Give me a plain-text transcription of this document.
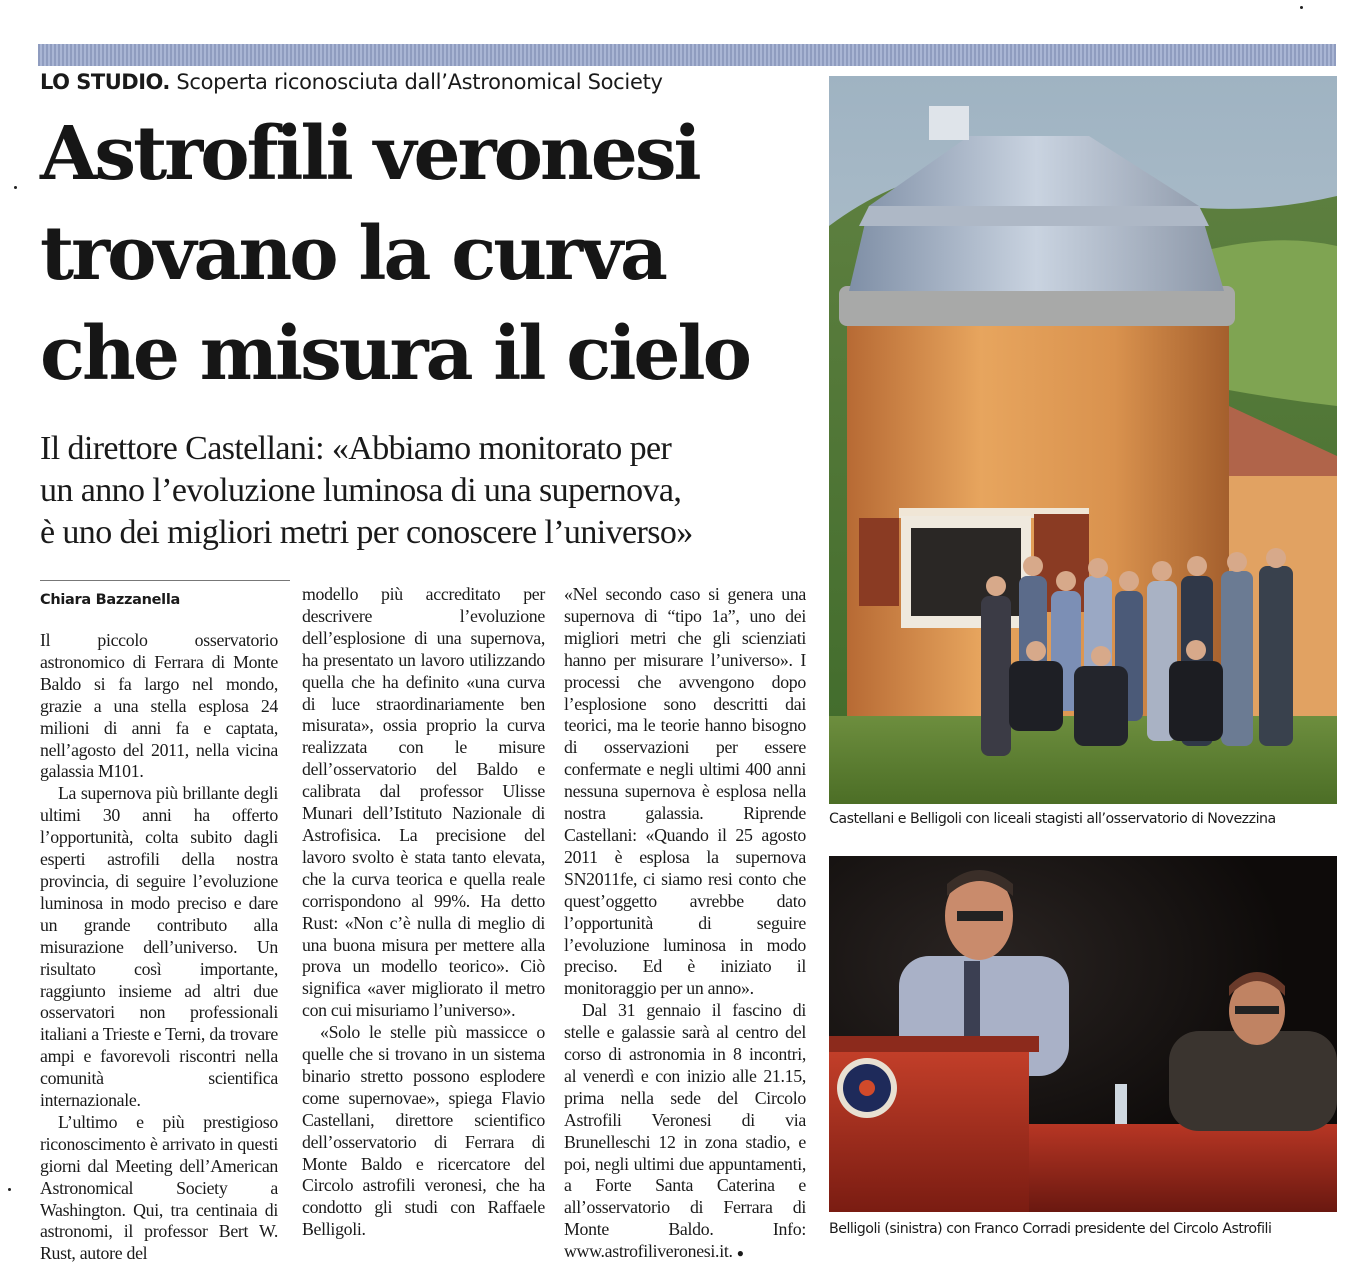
LO STUDIO. Scoperta riconosciuta dall’Astronomical Society
Astrofili veronesi
trovano la curva
che misura il cielo
Il direttore Castellani: «Abbiamo monitorato per
un anno l’evoluzione luminosa di una supernova,
è uno dei migliori metri per conoscere l’universo»
Chiara Bazzanella

Il piccolo osservatorio astronomico di Ferrara di Monte Baldo si fa largo nel mondo, grazie a una stella esplosa 24 milioni di anni fa e captata, nell’agosto del 2011, nella vicina galassia M101.

La supernova più brillante degli ultimi 30 anni ha offerto l’opportunità, colta subito dagli esperti astrofili della nostra provincia, di seguire l’evoluzione luminosa in modo preciso e dare un grande contributo alla misurazione dell’universo. Un risultato così importante, raggiunto insieme ad altri due osservatori non professionali italiani a Trieste e Terni, da trovare ampi e favorevoli riscontri nella comunità scientifica internazionale.

L’ultimo e più prestigioso riconoscimento è arrivato in questi giorni dal Meeting dell’American Astronomical Society a Washington. Qui, tra centinaia di astronomi, il professor Bert W. Rust, autore del

modello più accreditato per descrivere l’evoluzione dell’esplosione di una supernova, ha presentato un lavoro utilizzando quella che ha definito «una curva di luce straordinariamente ben misurata», ossia proprio la curva realizzata con le misure dell’osservatorio del Baldo e calibrata dal professor Ulisse Munari dell’Istituto Nazionale di Astrofisica. La precisione del lavoro svolto è stata tanto elevata, che la curva teorica e quella reale corrispondono al 99%. Ha detto Rust: «Non c’è nulla di meglio di una buona misura per mettere alla prova un modello teorico». Ciò significa «aver migliorato il metro con cui misuriamo l’universo».

«Solo le stelle più massicce o quelle che si trovano in un sistema binario stretto possono esplodere come supernovae», spiega Flavio Castellani, direttore scientifico dell’osservatorio di Ferrara di Monte Baldo e ricercatore del Circolo astrofili veronesi, che ha condotto gli studi con Raffaele Belligoli.

«Nel secondo caso si genera una supernova di “tipo 1a”, uno dei migliori metri che gli scienziati hanno per misurare l’universo». I processi che avvengono dopo l’esplosione sono descritti dai teorici, ma le teorie hanno bisogno di osservazioni per essere confermate e negli ultimi 400 anni nessuna supernova è esplosa nella nostra galassia. Riprende Castellani: «Quando il 25 agosto 2011 è esplosa la supernova SN2011fe, ci siamo resi conto che quest’oggetto avrebbe dato l’opportunità di seguire l’evoluzione luminosa in modo preciso. Ed è iniziato il monitoraggio per un anno».

Dal 31 gennaio il fascino di stelle e galassie sarà al centro del corso di astronomia in 8 incontri, al venerdì e con inizio alle 21.15, prima nella sede del Circolo Astrofili Veronesi di via Brunelleschi 12 in zona stadio, e poi, negli ultimi due appuntamenti, a Forte Santa Caterina e all’osservatorio di Ferrara di Monte Baldo. Info: www.astrofiliveronesi.it. ●

Castellani e Belligoli con liceali stagisti all’osservatorio di Novezzina
Belligoli (sinistra) con Franco Corradi presidente del Circolo Astrofili
